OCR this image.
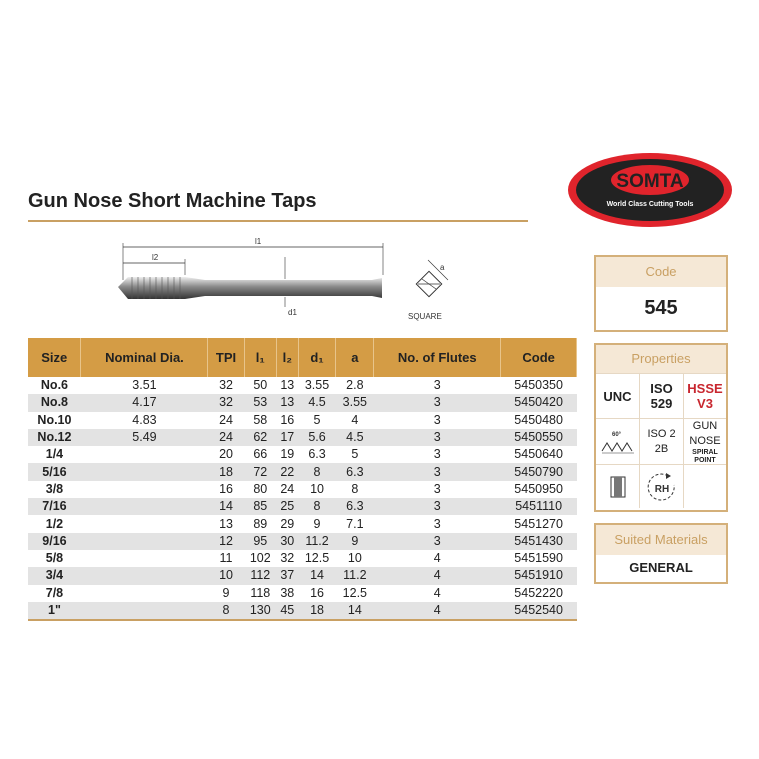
Gun Nose Short Machine Taps
SOMTA
World Class Cutting Tools
l1
l2
d1
a
SQUARE
Size	Nominal Dia.	TPI	l₁	l₂	d₁	a	No. of Flutes	Code
No.6	3.51	32	50	13	3.55	2.8	3	5450350
No.8	4.17	32	53	13	4.5	3.55	3	5450420
No.10	4.83	24	58	16	5	4	3	5450480
No.12	5.49	24	62	17	5.6	4.5	3	5450550
1/4		20	66	19	6.3	5	3	5450640
5/16		18	72	22	8	6.3	3	5450790
3/8		16	80	24	10	8	3	5450950
7/16		14	85	25	8	6.3	3	5451110
1/2		13	89	29	9	7.1	3	5451270
9/16		12	95	30	11.2	9	3	5451430
5/8		11	102	32	12.5	10	4	5451590
3/4		10	112	37	14	11.2	4	5451910
7/8		9	118	38	16	12.5	4	5452220
1"		8	130	45	18	14	4	5452540
Code
545
Properties
UNC ISO
529
HSSE
V3
60° ISO 2
2B
GUN
NOSE
SPIRAL POINT
RH
Suited Materials
GENERAL
